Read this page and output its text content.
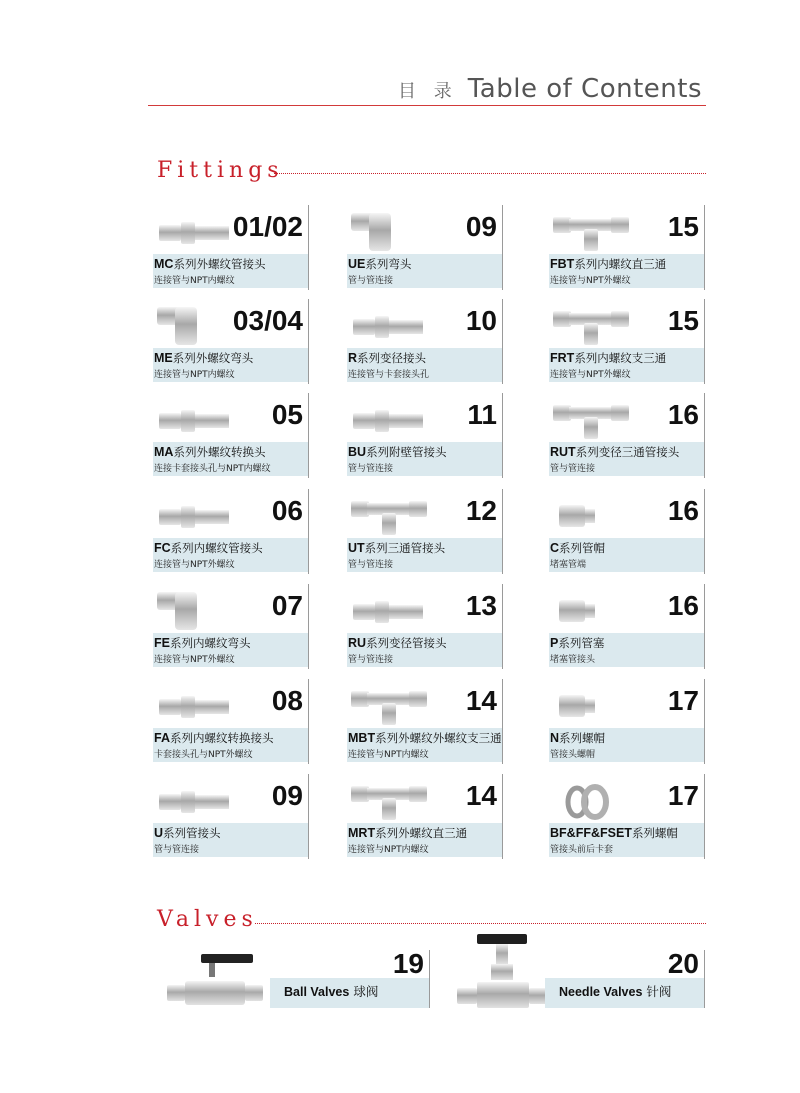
目 录 Table of Contents
Fittings
01/02
MC系列外螺纹管接头
连接管与NPT内螺纹
09
UE系列弯头
管与管连接
15
FBT系列内螺纹直三通
连接管与NPT外螺纹
03/04
ME系列外螺纹弯头
连接管与NPT内螺纹
10
R系列变径接头
连接管与卡套接头孔
15
FRT系列内螺纹支三通
连接管与NPT外螺纹
05
MA系列外螺纹转换头
连接卡套接头孔与NPT内螺纹
11
BU系列附壁管接头
管与管连接
16
RUT系列变径三通管接头
管与管连接
06
FC系列内螺纹管接头
连接管与NPT外螺纹
12
UT系列三通管接头
管与管连接
16
C系列管帽
堵塞管端
07
FE系列内螺纹弯头
连接管与NPT外螺纹
13
RU系列变径管接头
管与管连接
16
P系列管塞
堵塞管接头
08
FA系列内螺纹转换接头
卡套接头孔与NPT外螺纹
14
MBT系列外螺纹外螺纹支三通
连接管与NPT内螺纹
17
N系列螺帽
管接头螺帽
09
U系列管接头
管与管连接
14
MRT系列外螺纹直三通
连接管与NPT内螺纹
17
BF&FF&FSET系列螺帽
管接头前后卡套
Valves
19
Ball Valves 球阀
20
Needle Valves 针阀
